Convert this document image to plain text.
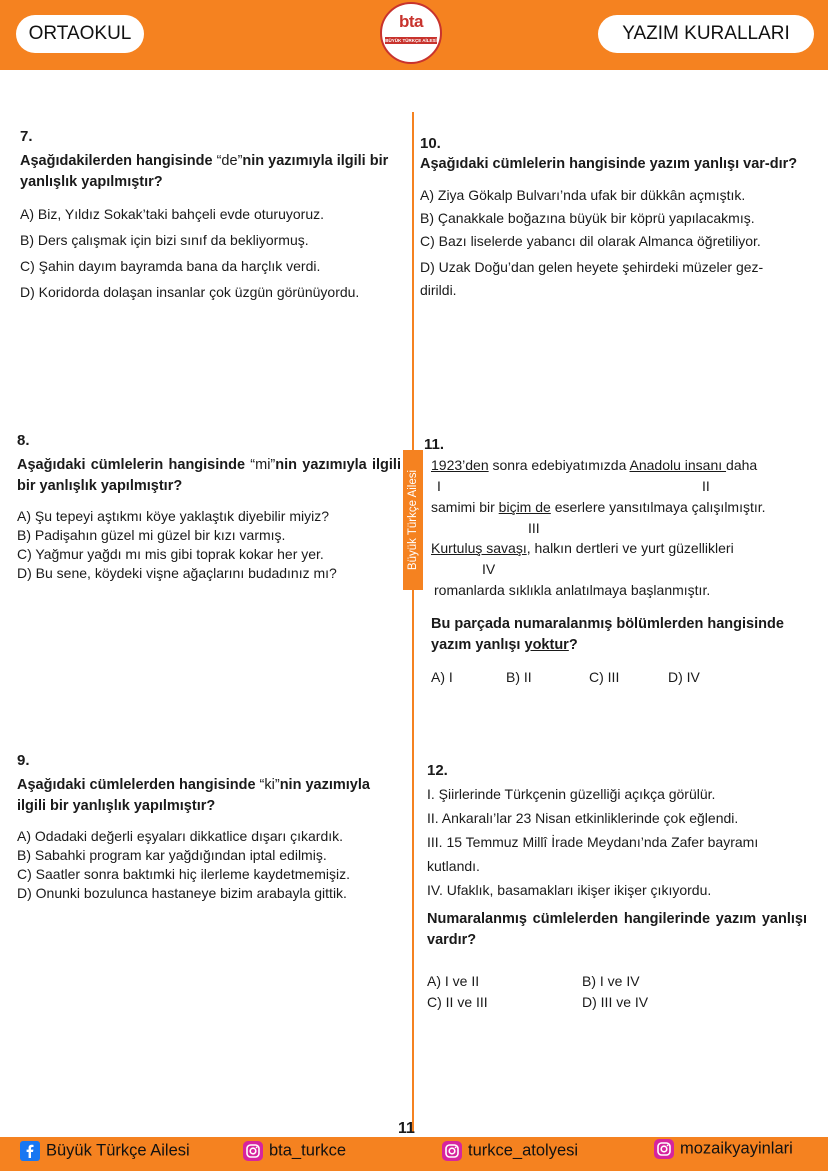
ORTAOKUL	YAZIM KURALLARI
bta
BÜYÜK TÜRKÇE AİLESİ
Büyük Türkçe Ailesi
7.

Aşağıdakilerden hangisinde “de”nin yazımıyla ilgili bir yanlışlık yapılmıştır?

A) Biz, Yıldız Sokak’taki bahçeli evde oturuyoruz.

B) Ders çalışmak için bizi sınıf da bekliyormuş.

C) Şahin dayım bayramda bana da harçlık verdi.

D) Koridorda dolaşan insanlar çok üzgün görünüyordu.

8.

Aşağıdaki cümlelerin hangisinde “mi”nin yazımıyla ilgili bir yanlışlık yapılmıştır?

A) Şu tepeyi aştıkmı köye yaklaştık diyebilir miyiz?

B) Padişahın güzel mi güzel bir kızı varmış.

C) Yağmur yağdı mı mis gibi toprak kokar her yer.

D) Bu sene, köydeki vişne ağaçlarını budadınız mı?

9.

Aşağıdaki cümlelerden hangisinde “ki”nin yazımıyla ilgili bir yanlışlık yapılmıştır?

A) Odadaki değerli eşyaları dikkatlice dışarı çıkardık.

B) Sabahki program kar yağdığından iptal edilmiş.

C) Saatler sonra baktımki hiç ilerleme kaydetmemişiz.

D) Onunki bozulunca hastaneye bizim arabayla gittik.

10.

Aşağıdaki cümlelerin hangisinde yazım yanlışı var-dır?

A) Ziya Gökalp Bulvarı’nda ufak bir dükkân açmıştık.

B) Çanakkale boğazına büyük bir köprü yapılacakmış.

C) Bazı liselerde yabancı dil olarak Almanca öğretiliyor.

D) Uzak Doğu’dan gelen heyete şehirdeki müzeler gez-dirildi.

11.
1923’den sonra edebiyatımızda Anadolu insanı daha
I	II
samimi bir biçim de eserlere yansıtılmaya çalışılmıştır.
III
Kurtuluş savaşı, halkın dertleri ve yurt güzellikleri
IV
romanlarda sıklıkla anlatılmaya başlanmıştır.
Bu parçada numaralanmış bölümlerden hangisinde yazım yanlışı yoktur?
A) I	B) II	C) III	D) IV
12.

I. Şiirlerinde Türkçenin güzelliği açıkça görülür.

II. Ankaralı’lar 23 Nisan etkinliklerinde çok eğlendi.

III. 15 Temmuz Millî İrade Meydanı’nda Zafer bayramı kutlandı.

IV. Ufaklık, basamakları ikişer ikişer çıkıyordu.

Numaralanmış cümlelerden hangilerinde yazım yanlışı vardır?

A) I ve II	B) I ve IV
C) II ve III	D) III ve IV
11
Büyük Türkçe Ailesi	bta_turkce	turkce_atolyesi	mozaikyayinlari
